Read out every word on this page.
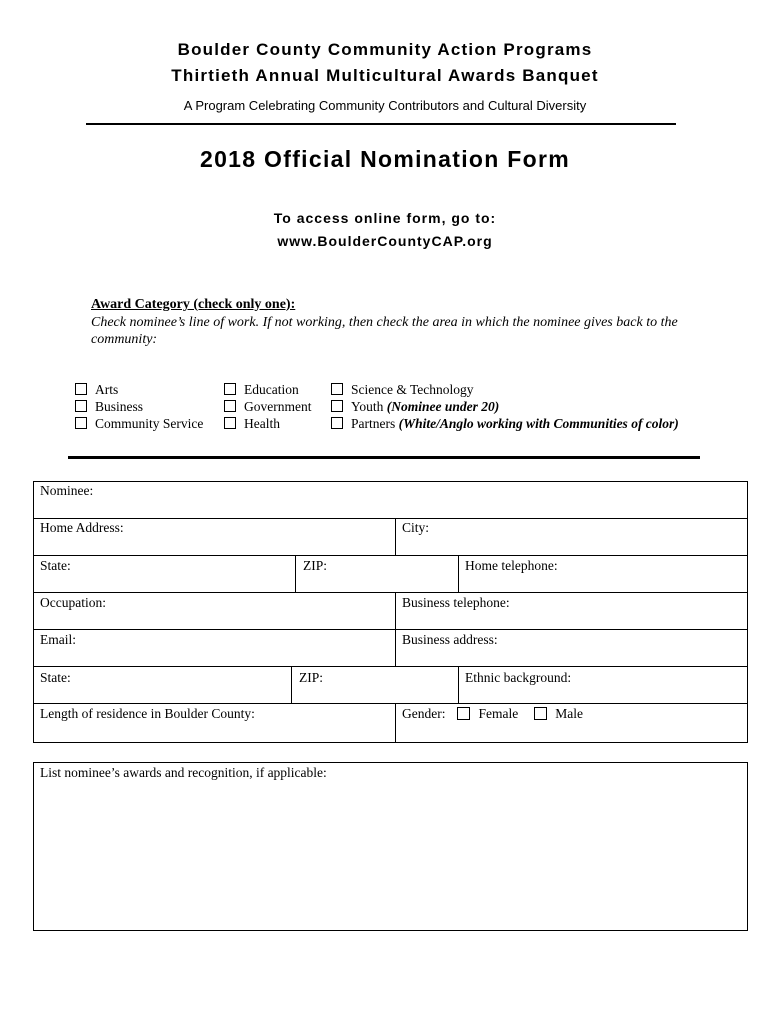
Boulder County Community Action Programs
Thirtieth Annual Multicultural Awards Banquet
A Program Celebrating Community Contributors and Cultural Diversity
2018 Official Nomination Form
To access online form, go to:
www.BoulderCountyCAP.org
Award Category (check only one):
Check nominee’s line of work. If not working, then check the area in which the nominee gives back to the community:
Arts
Business
Community Service
Education
Government
Health
Science & Technology
Youth (Nominee under 20)
Partners (White/Anglo working with Communities of color)
Nominee:
Home Address:	City:
State:	ZIP:	Home telephone:
Occupation:	Business telephone:
Email:	Business address:
State:	ZIP:	Ethnic background:
Length of residence in Boulder County:	Gender: Female	Male
List nominee’s awards and recognition, if applicable:
